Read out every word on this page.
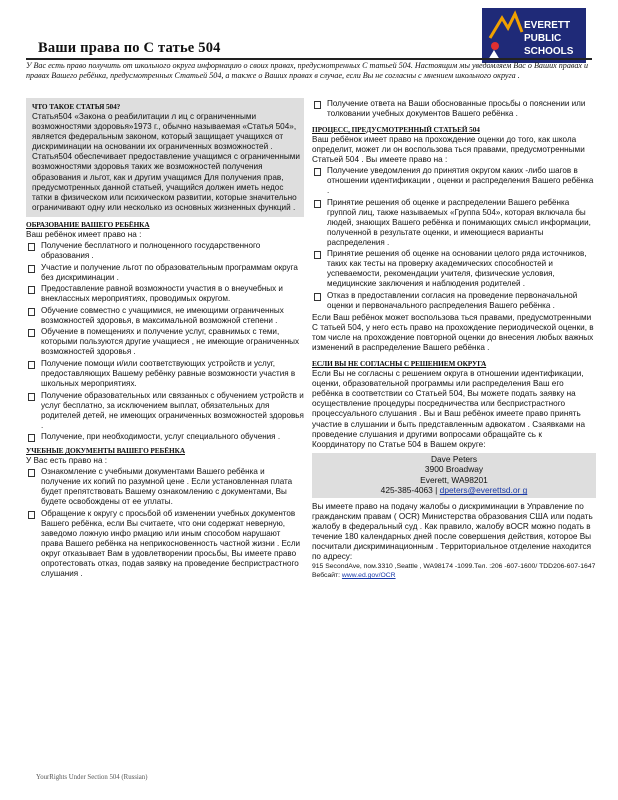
Ваши права по С татье 504
EVERETT
PUBLIC
SCHOOLS
У Вас есть право получить от школьного округа информацию о своих правах, предусмотренных С татьей 504. Настоящим мы уведомляем Вас о Ваших правах и правах Вашего ребёнка, предусмотренных Статьей 504, а также о Ваших правах в случае, если Вы не согласны с мнением школьного округа .
ЧТО ТАКОЕ СТАТЬЯ 504?

Статья504 «Закона о реабилитации л иц с ограниченными возможностями здоровья»1973 г., обычно называемая «Статья 504», является федеральным законом, который защищает учащихся от дискриминации на основании их ограниченных возможностей . Статья504 обеспечивает предоставление учащимся с ограниченными возможностями здоровья таких же возможностей получения образования и льгот, как и другим учащимся Для получения прав, предусмотренных данной статьей, учащийся должен иметь недос татки в физическом или психическом развитии, которые значительно ограничивают одну или несколько из основных жизненных функций .

ОБРАЗОВАНИЕ ВАШЕГО РЕБЁНКА

Ваш ребёнок имеет право на :

Получение бесплатного и полноценного государственного образования .
Участие и получение льгот по образовательным программам округа без дискриминации .
Предоставление равной возможности участия в о внеучебных и внеклассных мероприятиях, проводимых округом.
Обучение совместно с учащимися, не имеющими ограниченных возможностей здоровья, в максимальной возможной степени .
Обучение в помещениях и получение услуг, сравнимых с теми, которыми пользуются другие учащиеся , не имеющие ограниченных возможностей здоровья .
Получение помощи и/или соответствующих устройств и услуг, предоставляющих Вашему ребёнку равные возможности участия в школьных мероприятиях.
Получение образовательных или связанных с обучением устройств и услуг бесплатно, за исключением выплат, обязательных для родителей детей, не имеющих ограниченных возможностей здоровья .
Получение, при необходимости, услуг специального обучения .
УЧЕБНЫЕ ДОКУМЕНТЫ ВАШЕГО РЕБЁНКА

У Вас есть право на :

Ознакомление с учебными документами Вашего ребёнка и получение их копий по разумной цене . Если установленная плата будет препятствовать Вашему ознакомлению с документами, Вы будете освобождены от ее уплаты.
Обращение к округу с просьбой об изменении учебных документов Вашего ребёнка, если Вы считаете, что они содержат неверную, заведомо ложную инфо рмацию или иным способом нарушают права Вашего ребёнка на неприкосновенность частной жизни . Если округ отказывает Вам в удовлетворении просьбы, Вы имеете право опротестовать отказ, подав заявку на проведение беспристрастного слушания .
Получение ответа на Ваши обоснованные просьбы о пояснении или толковании учебных документов Вашего ребёнка .
ПРОЦЕСС, ПРЕДУСМОТРЕННЫЙ СТАТЬЕЙ 504

Ваш ребёнок имеет право на прохождение оценки до того, как школа определит, может ли он воспользова ться правами, предусмотренными Статьей 504 . Вы имеете право на :

Получение уведомления до принятия округом каких -либо шагов в отношении идентификации , оценки и распределения Вашего ребёнка .
Принятие решения об оценке и распределении Вашего ребёнка группой лиц, также называемых «Группа 504», которая включала бы людей, знающих Вашего ребёнка и понимающих смысл информации, полученной в результате оценки, и имеющиеся варианты распределения .
Принятие решения об оценке на основании целого ряда источников, таких как тесты на проверку академических способностей и успеваемости, рекомендации учителя, физические условия, медицинские заключения и наблюдения родителей .
Отказ в предоставлении согласия на проведение первоначальной оценки и первоначального распределения Вашего ребёнка .

Если Ваш ребёнок может воспользова ться правами, предусмотренными С татьей 504, у него есть право на прохождение периодической оценки, в том числе на прохождение повторной оценки до внесения любых важных изменений в распределение Вашего ребёнка .

ЕСЛИ ВЫ НЕ СОГЛАСНЫ С РЕШЕНИЕМ ОКРУГА

Если Вы не согласны с решением округа в отношении идентификации, оценки, образовательной программы или распределения Ваш его ребёнка в соответствии со Статьей 504, Вы можете подать заявку на осуществление процедуры посредничества или беспристрастного процессуального слушания . Вы и Ваш ребёнок имеете право принять участие в слушании и быть представленным адвокатом . Сзаявками на проведение слушания и другими вопросами обращайте сь к Координатору по Статье 504 в Вашем округе:

Dave Peters
3900 Broadway
Everett, WA98201
425-385-4063 | dpeters@everettsd.or g

Вы имеете право на подачу жалобы о дискриминации в Управление по гражданским правам ( ОСR) Министерства образования США или подать жалобу в федеральный суд . Как правило, жалобу вОСR можно подать в течение 180 календарных дней после совершения действия, которое Вы посчитали дискриминационным . Территориальное отделение находится по адресу:

915 SecondAve, пом.3310 ,Seattle , WA98174 -1099.Тел. :206 -607-1600/ TDD206-607-1647

Вебсайт: www.ed.gov/OCR

YourRights Under Section 504 (Russian)
